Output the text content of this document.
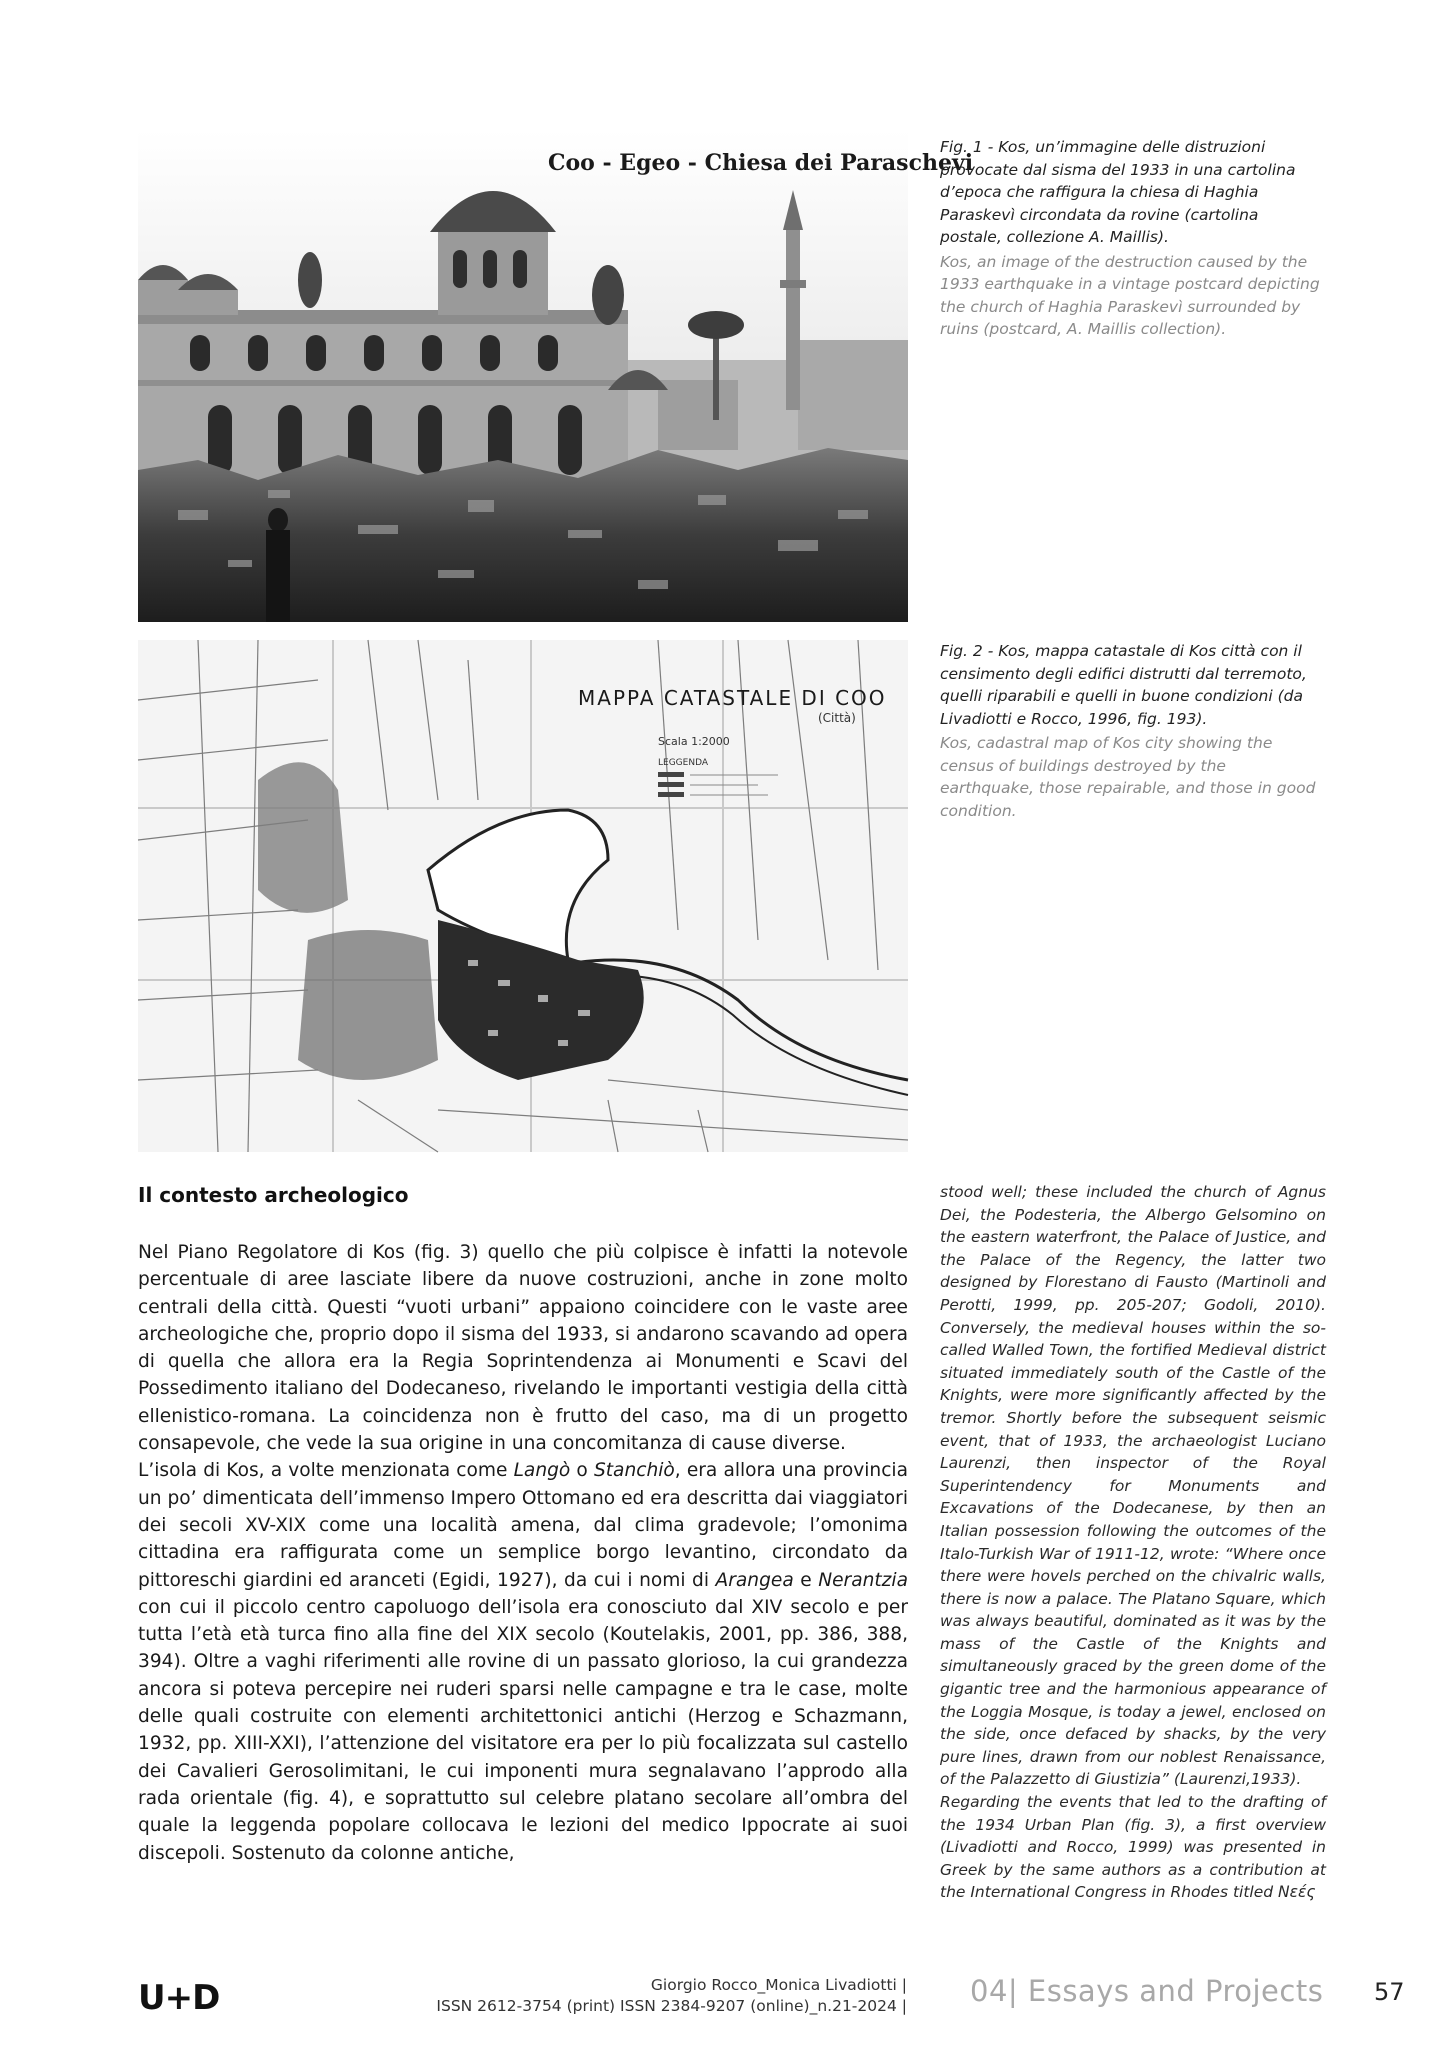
Coo - Egeo - Chiesa dei Paraschevi
MAPPA CATASTALE DI COO
(Città)
Scala 1:2000
LEGGENDA
Fig. 1 - Kos, un’immagine delle distruzioni provocate dal sisma del 1933 in una cartolina d’epoca che raffigura la chiesa di Haghia Paraskevì circondata da rovine (cartolina postale, collezione A. Maillis).
Kos, an image of the destruction caused by the 1933 earthquake in a vintage postcard depicting the church of Haghia Paraskevì surrounded by ruins (postcard, A. Maillis collection).
Fig. 2 - Kos, mappa catastale di Kos città con il censimento degli edifici distrutti dal terremoto, quelli riparabili e quelli in buone condizioni (da Livadiotti e Rocco, 1996, fig. 193).
Kos, cadastral map of Kos city showing the census of buildings destroyed by the earthquake, those repairable, and those in good condition.
Il contesto archeologico

Nel Piano Regolatore di Kos (fig. 3) quello che più colpisce è infatti la notevole percentuale di aree lasciate libere da nuove costruzioni, anche in zone molto centrali della città. Questi “vuoti urbani” appaiono coincidere con le vaste aree archeologiche che, proprio dopo il sisma del 1933, si andarono scavando ad opera di quella che allora era la Regia Soprintendenza ai Monumenti e Scavi del Possedimento italiano del Dodecaneso, rivelando le importanti vestigia della città ellenistico-romana. La coincidenza non è frutto del caso, ma di un progetto consapevole, che vede la sua origine in una concomitanza di cause diverse.

L’isola di Kos, a volte menzionata come Langò o Stanchiò, era allora una provincia un po’ dimenticata dell’immenso Impero Ottomano ed era descritta dai viaggiatori dei secoli XV-XIX come una località amena, dal clima gradevole; l’omonima cittadina era raffigurata come un semplice borgo levantino, circondato da pittoreschi giardini ed aranceti (Egidi, 1927), da cui i nomi di Arangea e Nerantzia con cui il piccolo centro capoluogo dell’isola era conosciuto dal XIV secolo e per tutta l’età età turca fino alla fine del XIX secolo (Koutelakis, 2001, pp. 386, 388, 394). Oltre a vaghi riferimenti alle rovine di un passato glorioso, la cui grandezza ancora si poteva percepire nei ruderi sparsi nelle campagne e tra le case, molte delle quali costruite con elementi architettonici antichi (Herzog e Schazmann, 1932, pp. XIII-XXI), l’attenzione del visitatore era per lo più focalizzata sul castello dei Cavalieri Gerosolimitani, le cui imponenti mura segnalavano l’approdo alla rada orientale (fig. 4), e soprattutto sul celebre platano secolare all’ombra del quale la leggenda popolare collocava le lezioni del medico Ippocrate ai suoi discepoli. Sostenuto da colonne antiche,

stood well; these included the church of Agnus Dei, the Podesteria, the Albergo Gelsomino on the eastern waterfront, the Palace of Justice, and the Palace of the Regency, the latter two designed by Florestano di Fausto (Martinoli and Perotti, 1999, pp. 205-207; Godoli, 2010). Conversely, the medieval houses within the so-called Walled Town, the fortified Medieval district situated immediately south of the Castle of the Knights, were more significantly affected by the tremor. Shortly before the subsequent seismic event, that of 1933, the archaeologist Luciano Laurenzi, then inspector of the Royal Superintendency for Monuments and Excavations of the Dodecanese, by then an Italian possession following the outcomes of the Italo-Turkish War of 1911-12, wrote: “Where once there were hovels perched on the chivalric walls, there is now a palace. The Platano Square, which was always beautiful, dominated as it was by the mass of the Castle of the Knights and simultaneously graced by the green dome of the gigantic tree and the harmonious appearance of the Loggia Mosque, is today a jewel, enclosed on the side, once defaced by shacks, by the very pure lines, drawn from our noblest Renaissance, of the Palazzetto di Giustizia” (Laurenzi,1933).

Regarding the events that led to the drafting of the 1934 Urban Plan (fig. 3), a first overview (Livadiotti and Rocco, 1999) was presented in Greek by the same authors as a contribution at the International Congress in Rhodes titled Νεές

U+D	Giorgio Rocco_Monica Livadiotti |
ISSN 2612-3754 (print) ISSN 2384-9207 (online)_n.21-2024 | 04| Essays and Projects 57
